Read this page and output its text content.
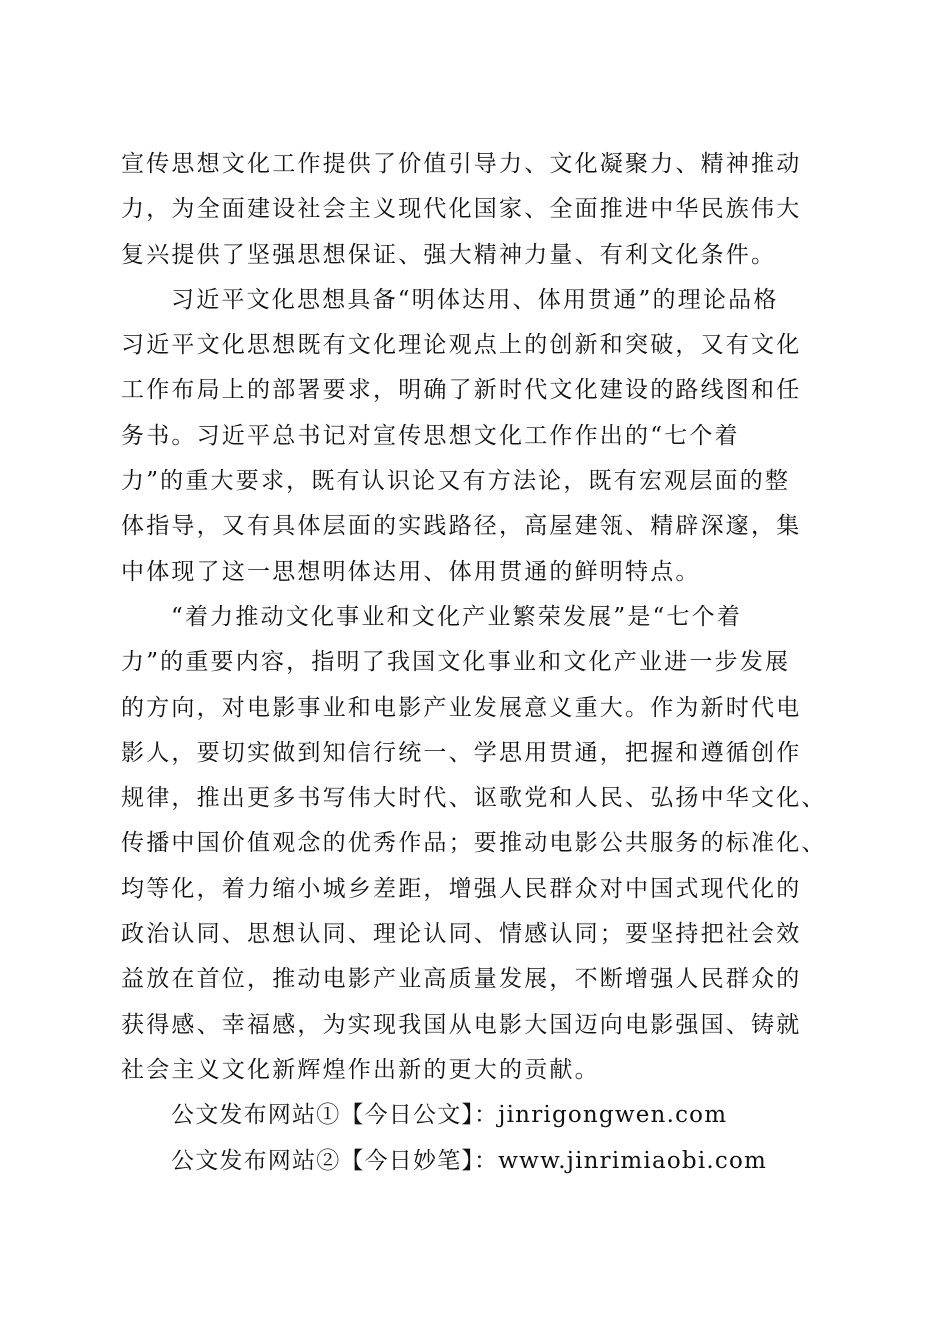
宣传思想文化工作提供了价值引导力、文化凝聚力、精神推动
力，为全面建设社会主义现代化国家、全面推进中华民族伟大
复兴提供了坚强思想保证、强大精神力量、有利文化条件。
习近平文化思想具备“明体达用、体用贯通”的理论品格
习近平文化思想既有文化理论观点上的创新和突破，又有文化
工作布局上的部署要求，明确了新时代文化建设的路线图和任
务书。习近平总书记对宣传思想文化工作作出的“七个着
力”的重大要求，既有认识论又有方法论，既有宏观层面的整
体指导，又有具体层面的实践路径，高屋建瓴、精辟深邃，集
中体现了这一思想明体达用、体用贯通的鲜明特点。
“着力推动文化事业和文化产业繁荣发展”是“七个着
力”的重要内容，指明了我国文化事业和文化产业进一步发展
的方向，对电影事业和电影产业发展意义重大。作为新时代电
影人，要切实做到知信行统一、学思用贯通，把握和遵循创作
规律，推出更多书写伟大时代、讴歌党和人民、弘扬中华文化、
传播中国价值观念的优秀作品；要推动电影公共服务的标准化、
均等化，着力缩小城乡差距，增强人民群众对中国式现代化的
政治认同、思想认同、理论认同、情感认同；要坚持把社会效
益放在首位，推动电影产业高质量发展，不断增强人民群众的
获得感、幸福感，为实现我国从电影大国迈向电影强国、铸就
社会主义文化新辉煌作出新的更大的贡献。
公文发布网站①【今日公文】：jinrigongwen.com
公文发布网站②【今日妙笔】：www.jinrimiaobi.com
